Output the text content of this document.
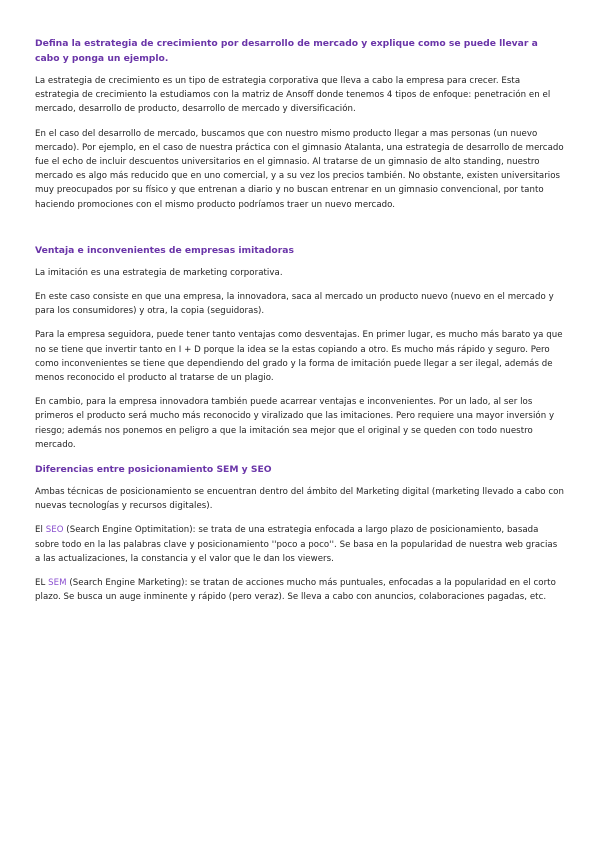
Defina la estrategia de crecimiento por desarrollo de mercado y explique como se puede llevar a cabo y ponga un ejemplo.

La estrategia de crecimiento es un tipo de estrategia corporativa que lleva a cabo la empresa para crecer. Esta estrategia de crecimiento la estudiamos con la matriz de Ansoff donde tenemos 4 tipos de enfoque: penetración en el mercado, desarrollo de producto, desarrollo de mercado y diversificación.

En el caso del desarrollo de mercado, buscamos que con nuestro mismo producto llegar a mas personas (un nuevo mercado). Por ejemplo, en el caso de nuestra práctica con el gimnasio Atalanta, una estrategia de desarrollo de mercado fue el echo de incluir descuentos universitarios en el gimnasio. Al tratarse de un gimnasio de alto standing, nuestro mercado es algo más reducido que en uno comercial, y a su vez los precios también. No obstante, existen universitarios muy preocupados por su físico y que entrenan a diario y no buscan entrenar en un gimnasio convencional, por tanto haciendo promociones con el mismo producto podríamos traer un nuevo mercado.

Ventaja e inconvenientes de empresas imitadoras

La imitación es una estrategia de marketing corporativa.

En este caso consiste en que una empresa, la innovadora, saca al mercado un producto nuevo (nuevo en el mercado y para los consumidores) y otra, la copia (seguidoras).

Para la empresa seguidora, puede tener tanto ventajas como desventajas. En primer lugar, es mucho más barato ya que no se tiene que invertir tanto en I + D porque la idea se la estas copiando a otro. Es mucho más rápido y seguro. Pero como inconvenientes se tiene que dependiendo del grado y la forma de imitación puede llegar a ser ilegal, además de menos reconocido el producto al tratarse de un plagio.

En cambio, para la empresa innovadora también puede acarrear ventajas e inconvenientes. Por un lado, al ser los primeros el producto será mucho más reconocido y viralizado que las imitaciones. Pero requiere una mayor inversión y riesgo; además nos ponemos en peligro a que la imitación sea mejor que el original y se queden con todo nuestro mercado.

Diferencias entre posicionamiento SEM y SEO

Ambas técnicas de posicionamiento se encuentran dentro del ámbito del Marketing digital (marketing llevado a cabo con nuevas tecnologías y recursos digitales).

El SEO (Search Engine Optimitation): se trata de una estrategia enfocada a largo plazo de posicionamiento, basada sobre todo en la las palabras clave y posicionamiento ''poco a poco''. Se basa en la popularidad de nuestra web gracias a las actualizaciones, la constancia y el valor que le dan los viewers.

EL SEM (Search Engine Marketing): se tratan de acciones mucho más puntuales, enfocadas a la popularidad en el corto plazo. Se busca un auge inminente y rápido (pero veraz). Se lleva a cabo con anuncios, colaboraciones pagadas, etc.
